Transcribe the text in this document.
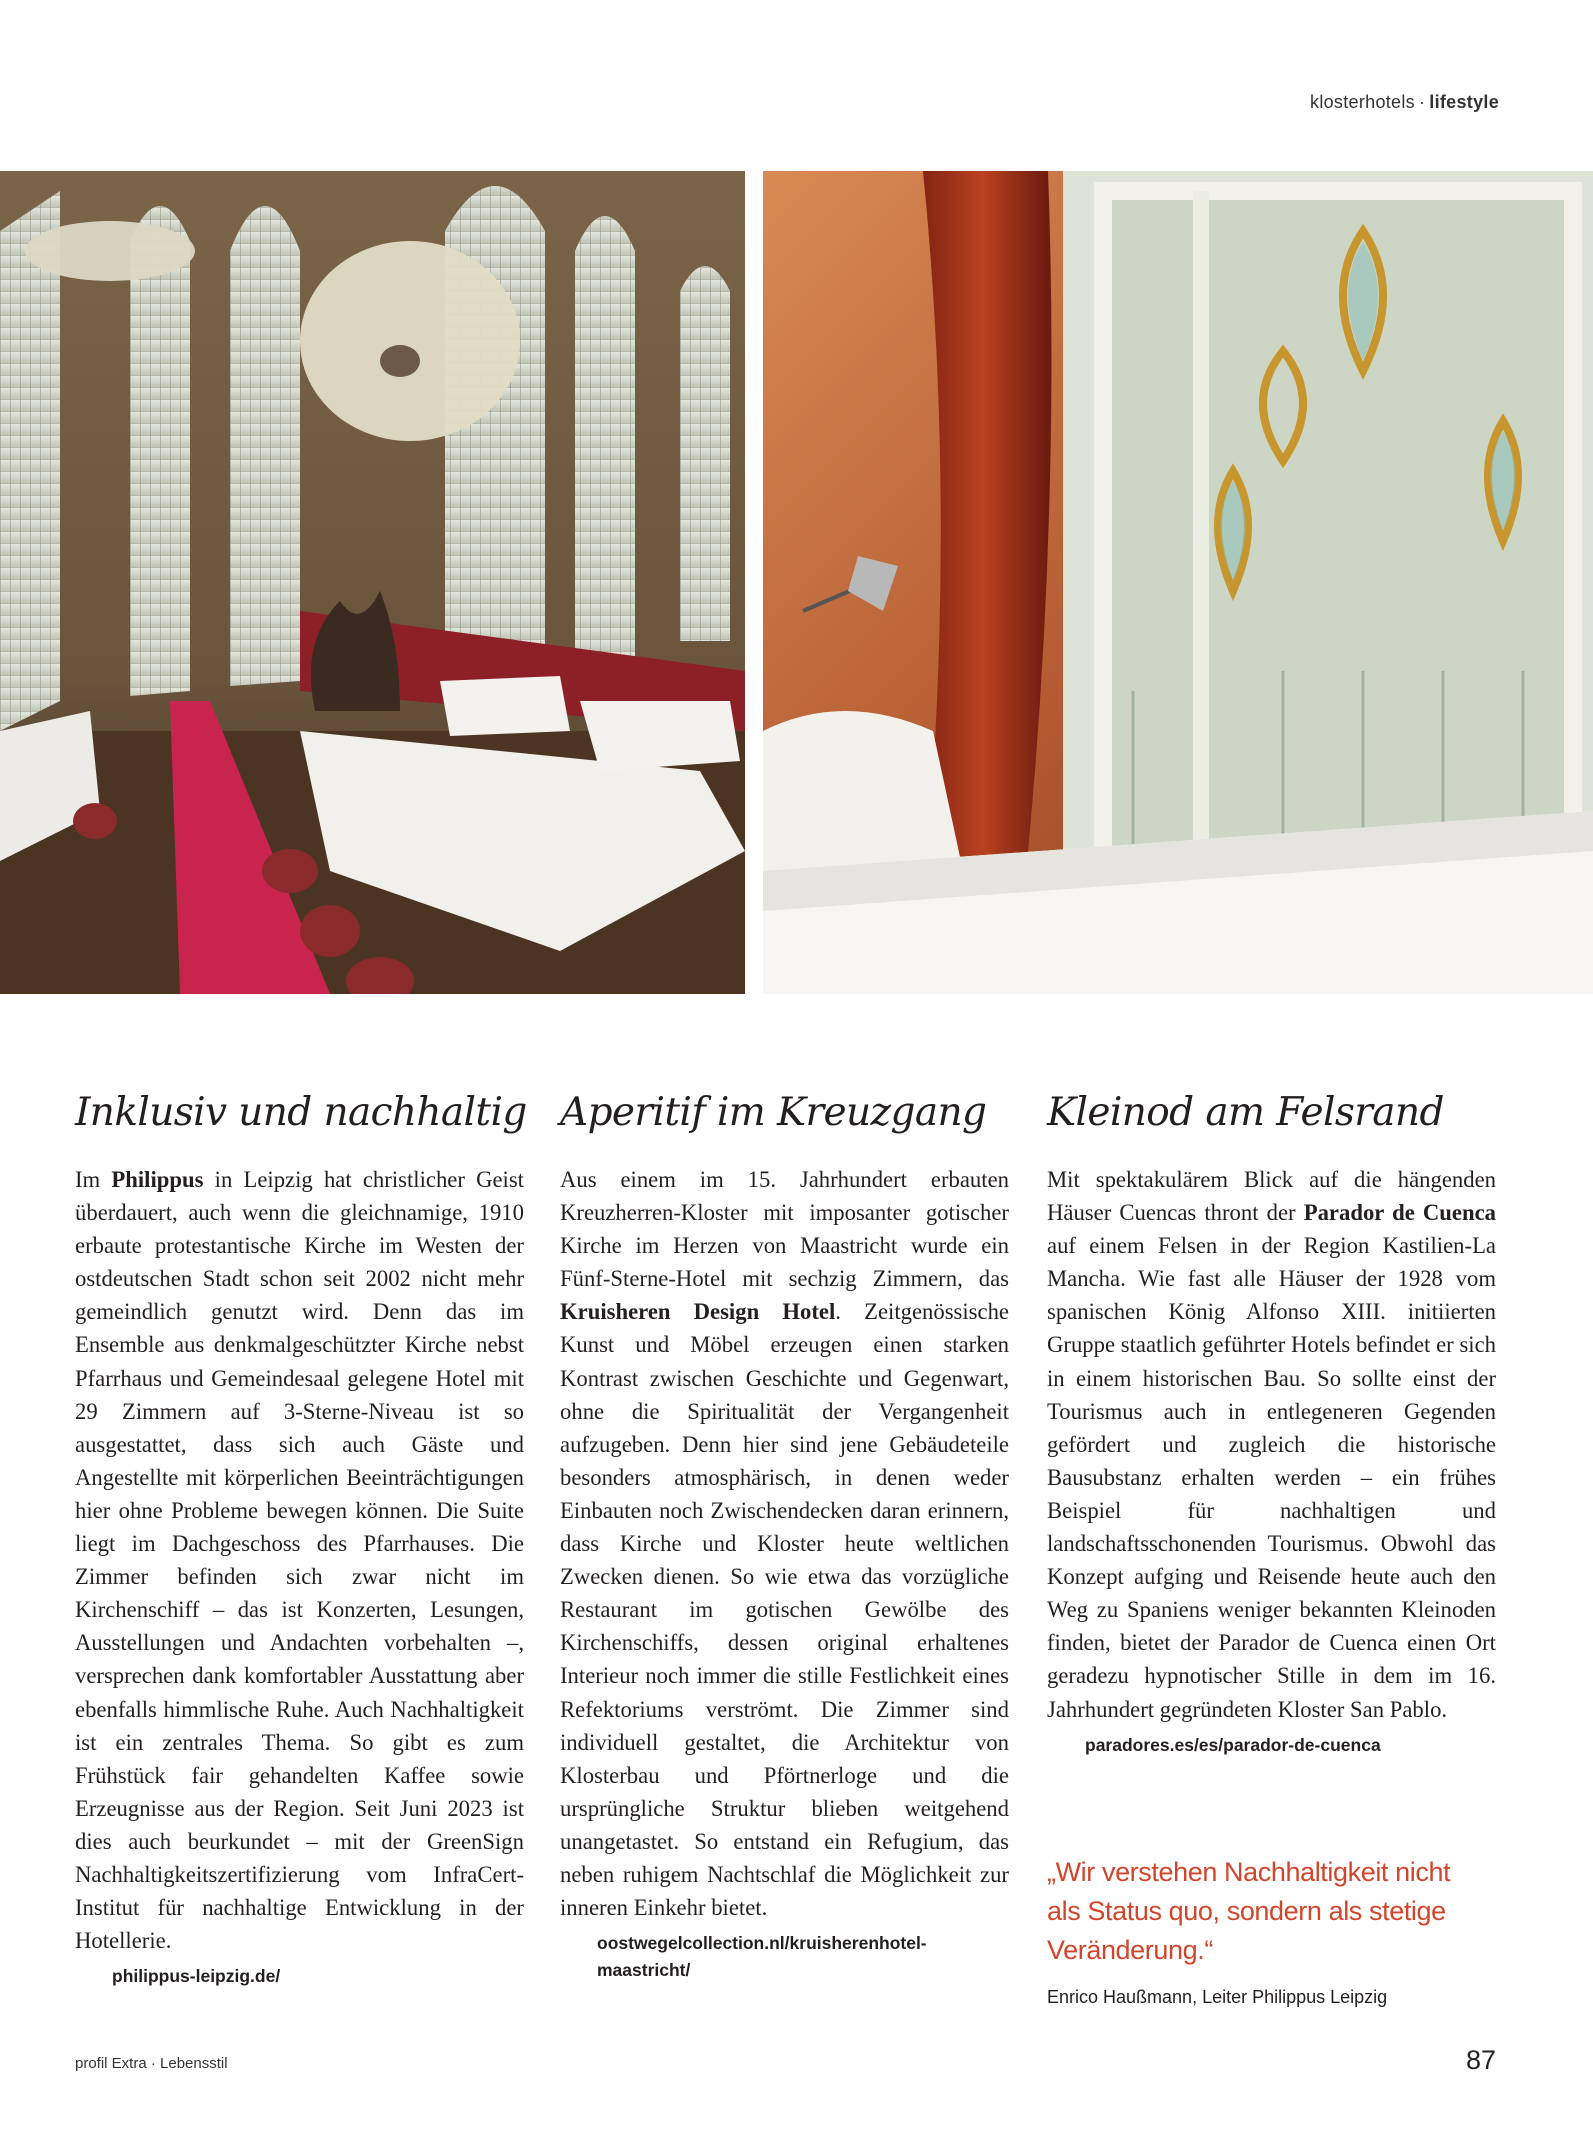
klosterhotels · lifestyle
Inklusiv und nachhaltig

Im Philippus in Leipzig hat christlicher Geist überdauert, auch wenn die gleichnamige, 1910 erbaute protestantische Kirche im Westen der ostdeutschen Stadt schon seit 2002 nicht mehr gemeindlich genutzt wird. Denn das im Ensemble aus denkmalgeschützter Kirche nebst Pfarrhaus und Gemeindesaal gelegene Hotel mit 29 Zimmern auf 3-Sterne-Niveau ist so ausgestattet, dass sich auch Gäste und Angestellte mit körperlichen Beeinträchtigungen hier ohne Probleme bewegen können. Die Suite liegt im Dachgeschoss des Pfarrhauses. Die Zimmer befinden sich zwar nicht im Kirchenschiff – das ist Konzerten, Lesungen, Ausstellungen und Andachten vorbehalten –, versprechen dank komfortabler Ausstattung aber ebenfalls himmlische Ruhe. Auch Nachhaltigkeit ist ein zentrales Thema. So gibt es zum Frühstück fair gehandelten Kaffee sowie Erzeugnisse aus der Region. Seit Juni 2023 ist dies auch beurkundet – mit der GreenSign Nachhaltigkeitszertifizierung vom InfraCert-Institut für nachhaltige Entwicklung in der Hotellerie.

philippus-leipzig.de/
Aperitif im Kreuzgang

Aus einem im 15. Jahrhundert erbauten Kreuzherren-Kloster mit imposanter gotischer Kirche im Herzen von Maastricht wurde ein Fünf-Sterne-Hotel mit sechzig Zimmern, das Kruisheren Design Hotel. Zeitgenössische Kunst und Möbel erzeugen einen starken Kontrast zwischen Geschichte und Gegenwart, ohne die Spiritualität der Vergangenheit aufzugeben. Denn hier sind jene Gebäudeteile besonders atmosphärisch, in denen weder Einbauten noch Zwischendecken daran erinnern, dass Kirche und Kloster heute weltlichen Zwecken dienen. So wie etwa das vorzügliche Restaurant im gotischen Gewölbe des Kirchenschiffs, dessen original erhaltenes Interieur noch immer die stille Festlichkeit eines Refektoriums verströmt. Die Zimmer sind individuell gestaltet, die Architektur von Klosterbau und Pförtnerloge und die ursprüngliche Struktur blieben weitgehend unangetastet. So entstand ein Refugium, das neben ruhigem Nachtschlaf die Möglichkeit zur inneren Einkehr bietet.

oostwegelcollection.nl/kruisherenhotel-
maastricht/
Kleinod am Felsrand

Mit spektakulärem Blick auf die hängenden Häuser Cuencas thront der Parador de Cuenca auf einem Felsen in der Region Kastilien-La Mancha. Wie fast alle Häuser der 1928 vom spanischen König Alfonso XIII. initiierten Gruppe staatlich geführter Hotels befindet er sich in einem historischen Bau. So sollte einst der Tourismus auch in entlegeneren Gegenden gefördert und zugleich die historische Bausubstanz erhalten werden – ein frühes Beispiel für nachhaltigen und landschaftsschonenden Tourismus. Obwohl das Konzept aufging und Reisende heute auch den Weg zu Spaniens weniger bekannten Kleinoden finden, bietet der Parador de Cuenca einen Ort geradezu hypnotischer Stille in dem im 16. Jahrhundert gegründeten Kloster San Pablo.

paradores.es/es/parador-de-cuenca
„Wir verstehen Nachhaltigkeit nicht als Status quo, sondern als stetige Veränderung.“
Enrico Haußmann, Leiter Philippus Leipzig
profil Extra · Lebensstil	87
